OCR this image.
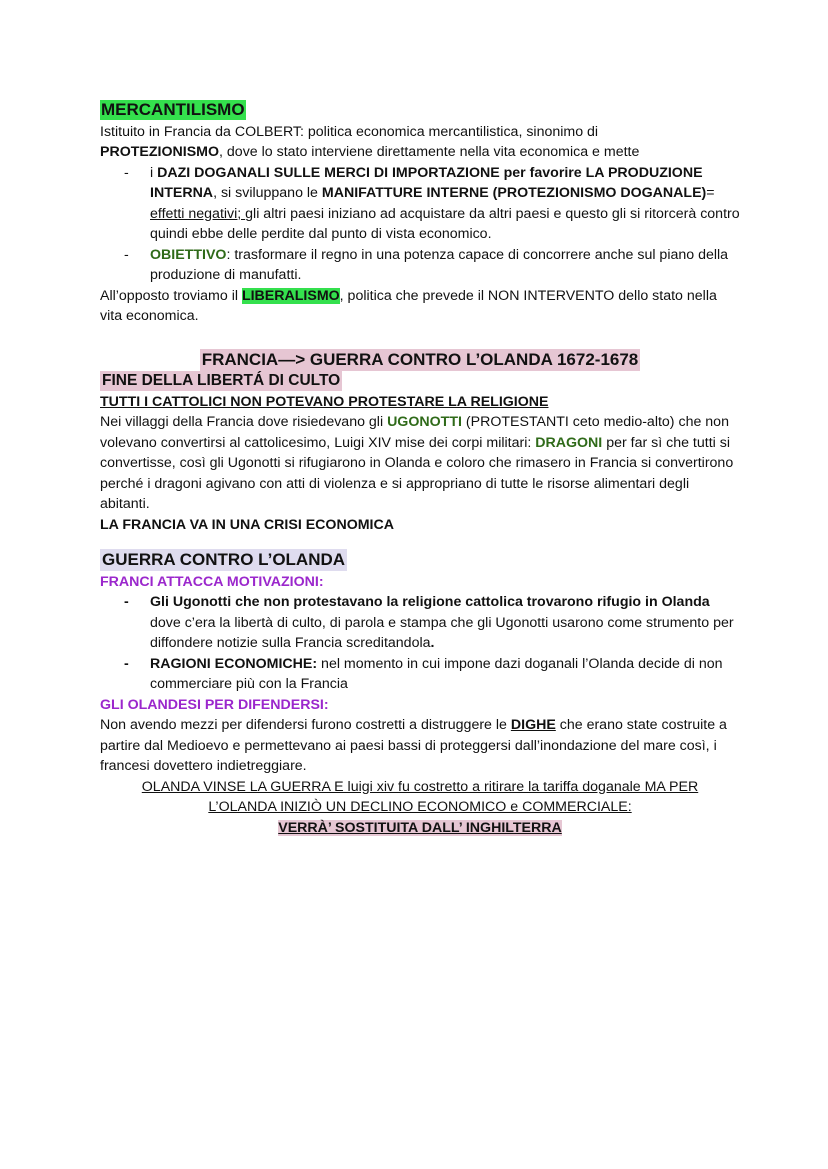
MERCANTILISMO

Istituito in Francia da COLBERT: politica economica mercantilistica, sinonimo di
PROTEZIONISMO, dove lo stato interviene direttamente nella vita economica e mette

- i DAZI DOGANALI SULLE MERCI DI IMPORTAZIONE per favorire LA PRODUZIONE INTERNA, si sviluppano le MANIFATTURE INTERNE (PROTEZIONISMO DOGANALE)= effetti negativi; gli altri paesi iniziano ad acquistare da altri paesi e questo gli si ritorcerà contro quindi ebbe delle perdite dal punto di vista economico.
- OBIETTIVO: trasformare il regno in una potenza capace di concorrere anche sul piano della produzione di manufatti.

All’opposto troviamo il LIBERALISMO, politica che prevede il NON INTERVENTO dello stato nella vita economica.

FRANCIA—> GUERRA CONTRO L’OLANDA 1672-1678
FINE DELLA LIBERTÁ DI CULTO

TUTTI I CATTOLICI NON POTEVANO PROTESTARE LA RELIGIONE

Nei villaggi della Francia dove risiedevano gli UGONOTTI (PROTESTANTI ceto medio-alto) che non volevano convertirsi al cattolicesimo, Luigi XIV mise dei corpi militari: DRAGONI per far sì che tutti si convertisse, così gli Ugonotti si rifugiarono in Olanda e coloro che rimasero in Francia si convertirono perché i dragoni agivano con atti di violenza e si appropriano di tutte le risorse alimentari degli abitanti.

LA FRANCIA VA IN UNA CRISI ECONOMICA

GUERRA CONTRO L’OLANDA

FRANCI ATTACCA MOTIVAZIONI:

- Gli Ugonotti che non protestavano la religione cattolica trovarono rifugio in Olanda dove c’era la libertà di culto, di parola e stampa che gli Ugonotti usarono come strumento per diffondere notizie sulla Francia screditandola.
- RAGIONI ECONOMICHE: nel momento in cui impone dazi doganali l’Olanda decide di non commerciare più con la Francia

GLI OLANDESI PER DIFENDERSI:

Non avendo mezzi per difendersi furono costretti a distruggere le DIGHE che erano state costruite a partire dal Medioevo e permettevano ai paesi bassi di proteggersi dall’inondazione del mare così, i francesi dovettero indietreggiare.

OLANDA VINSE LA GUERRA E luigi xiv fu costretto a ritirare la tariffa doganale MA PER

L’OLANDA INIZIÒ UN DECLINO ECONOMICO e COMMERCIALE:

VERRÀ’ SOSTITUITA DALL’ INGHILTERRA
